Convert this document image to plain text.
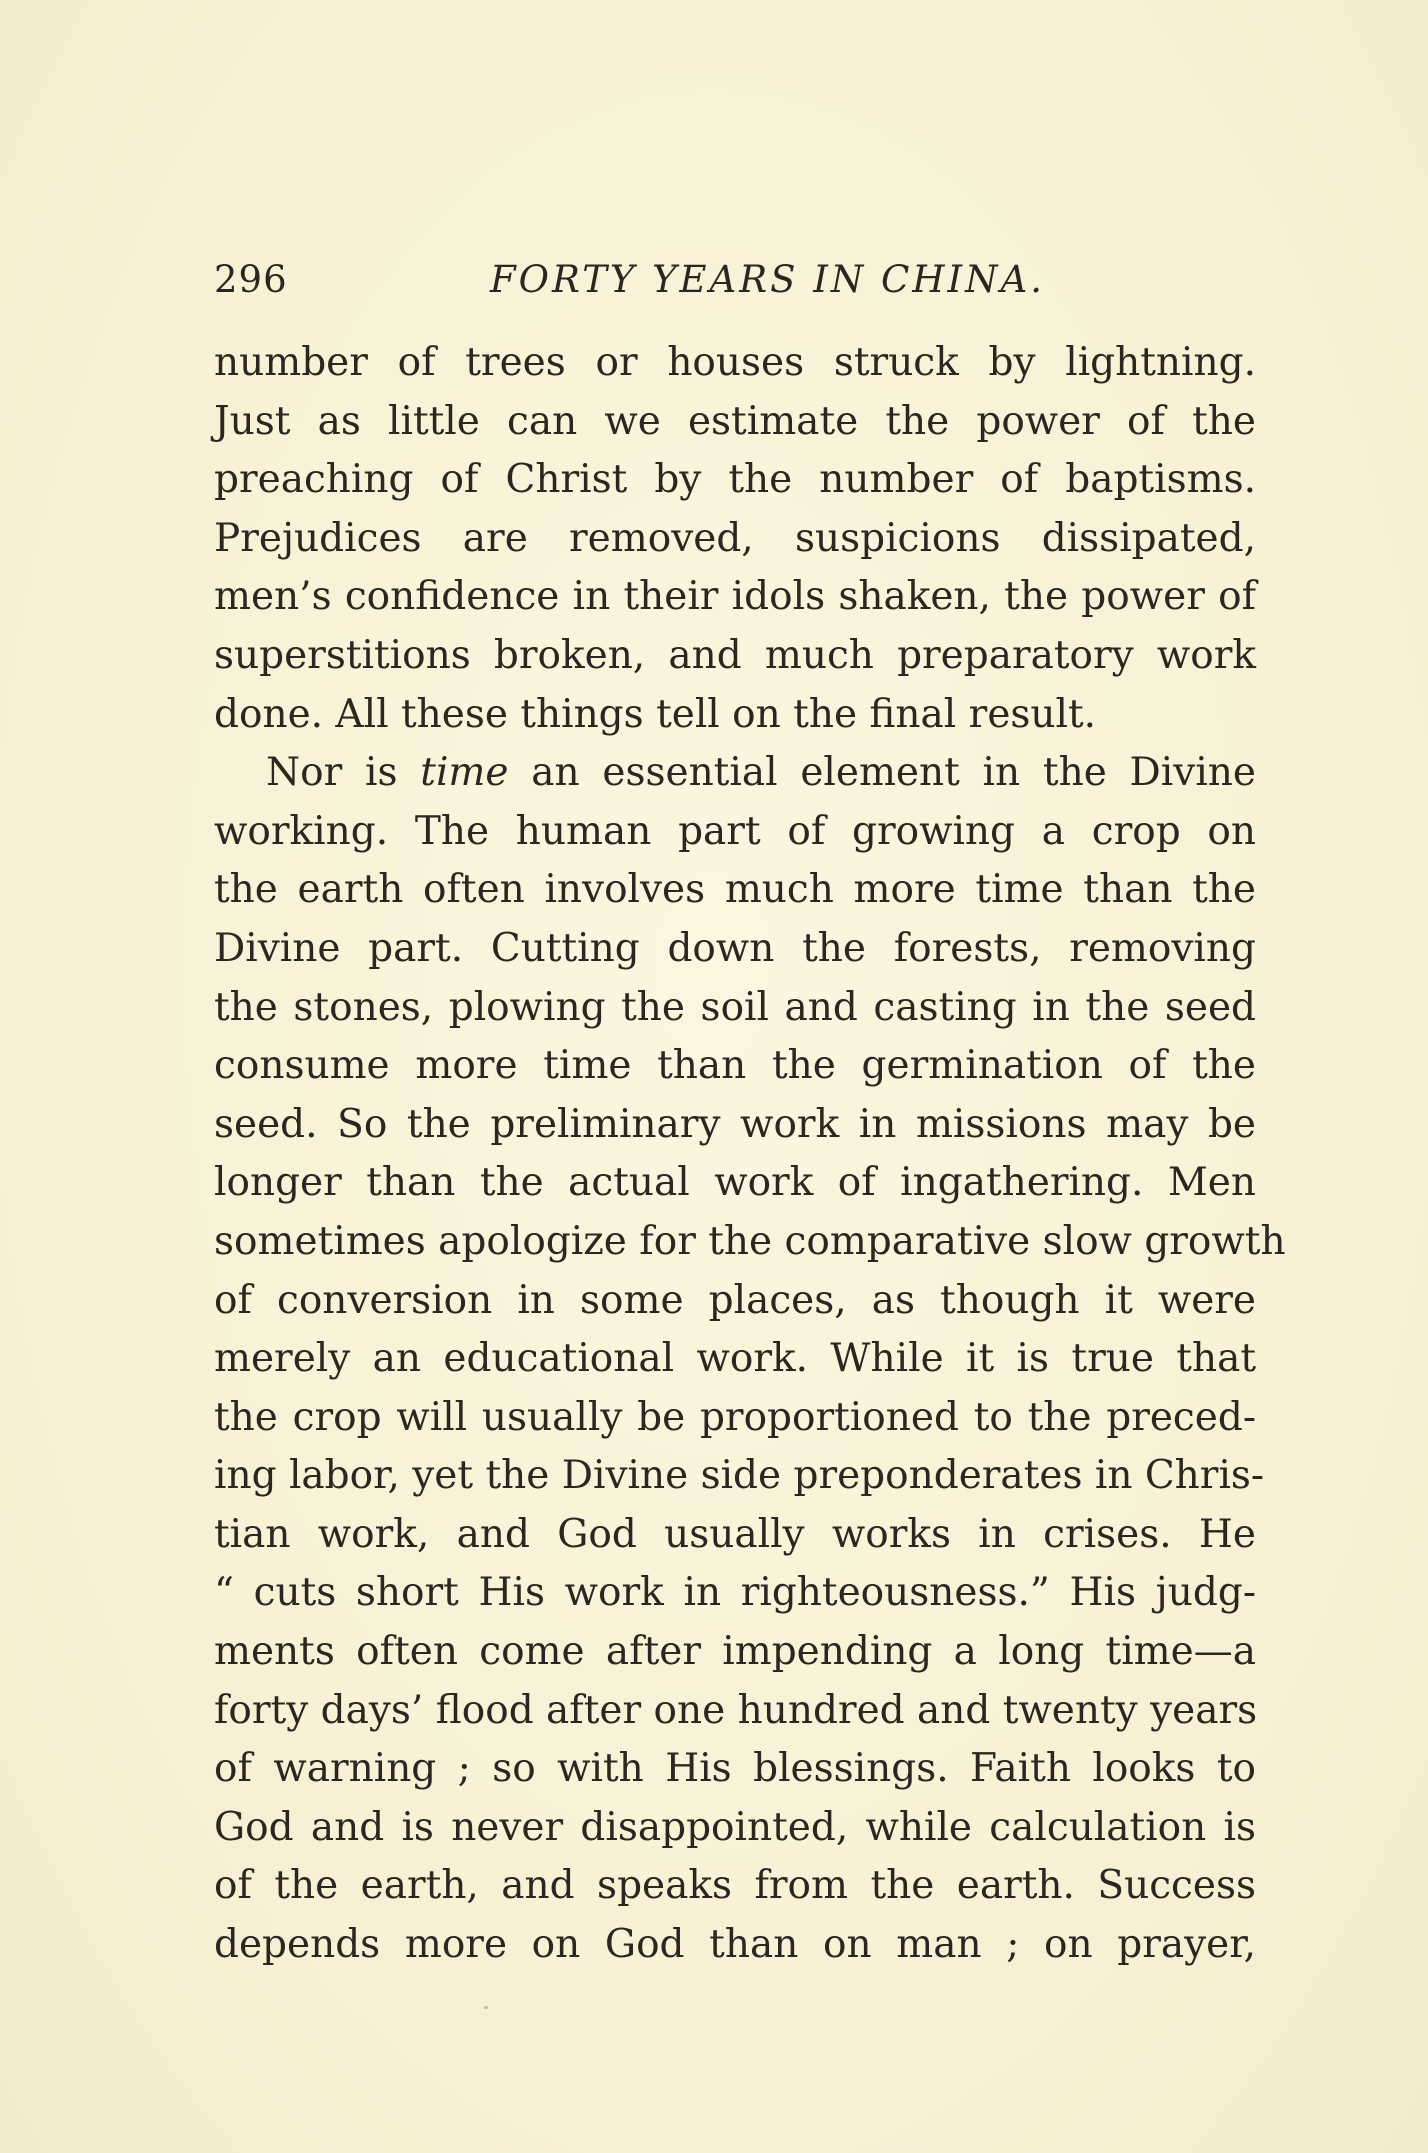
296	FORTY YEARS IN CHINA.
number of trees or houses struck by lightning.
Just as little can we estimate the power of the
preaching of Christ by the number of baptisms.
Prejudices are removed, suspicions dissipated,
men’s confidence in their idols shaken, the power of
superstitions broken, and much preparatory work
done. All these things tell on the final result.
Nor is time an essential element in the Divine
working. The human part of growing a crop on
the earth often involves much more time than the
Divine part. Cutting down the forests, removing
the stones, plowing the soil and casting in the seed
consume more time than the germination of the
seed. So the preliminary work in missions may be
longer than the actual work of ingathering. Men
sometimes apologize for the comparative slow growth
of conversion in some places, as though it were
merely an educational work. While it is true that
the crop will usually be proportioned to the preced-
ing labor, yet the Divine side preponderates in Chris-
tian work, and God usually works in crises. He
“ cuts short His work in righteousness.” His judg-
ments often come after impending a long time—a
forty days’ flood after one hundred and twenty years
of warning ; so with His blessings. Faith looks to
God and is never disappointed, while calculation is
of the earth, and speaks from the earth. Success
depends more on God than on man ; on prayer,
